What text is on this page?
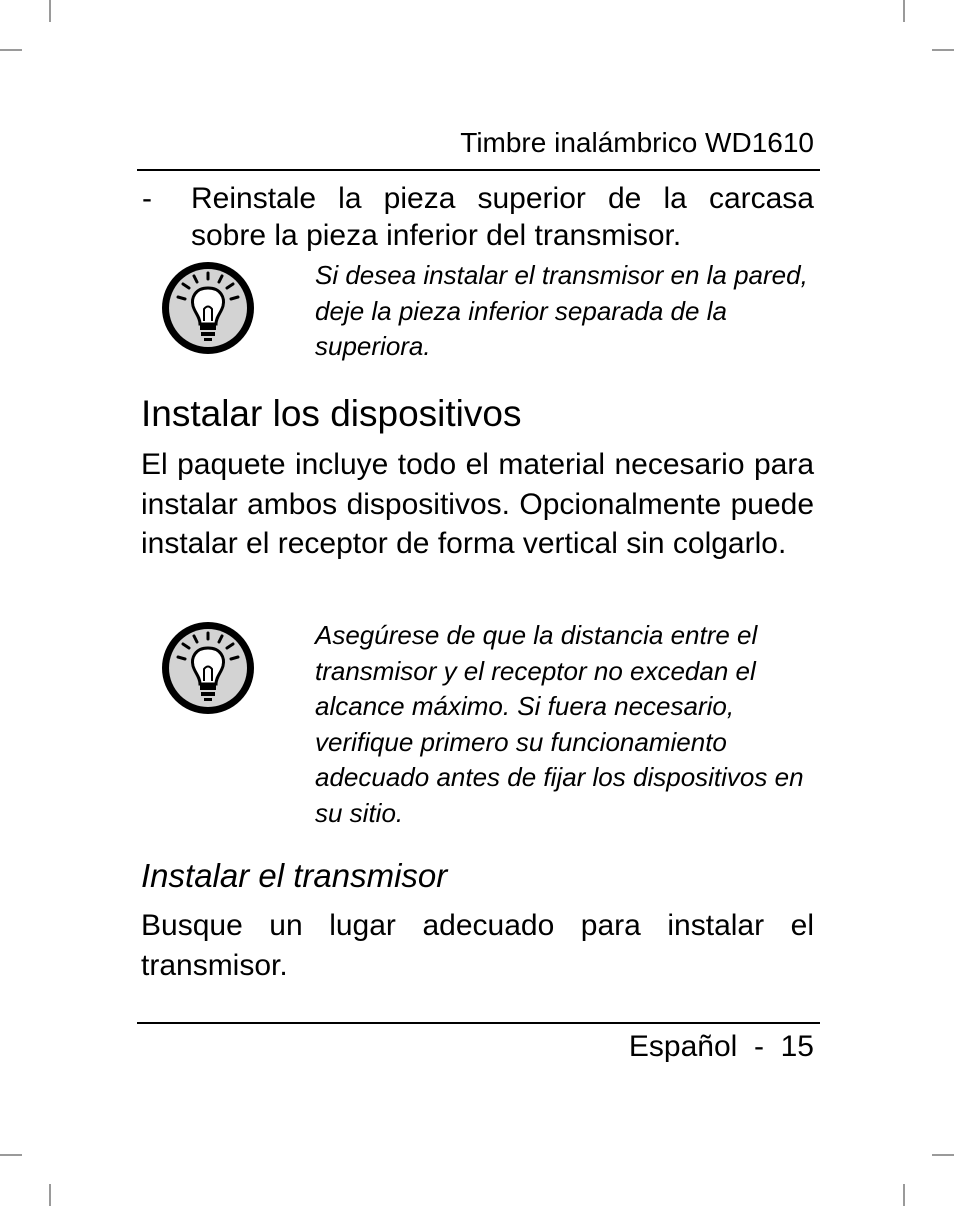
Timbre inalámbrico WD1610
- Reinstale la pieza superior de la carcasa sobre la pieza inferior del transmisor.
Si desea instalar el transmisor en la pared, deje la pieza inferior separada de la superiora.
Instalar los dispositivos
El paquete incluye todo el material necesario para instalar ambos dispositivos. Opcionalmente puede instalar el receptor de forma vertical sin colgarlo.
Asegúrese de que la distancia entre el transmisor y el receptor no excedan el alcance máximo. Si fuera necesario, verifique primero su funcionamiento adecuado antes de fijar los dispositivos en su sitio.
Instalar el transmisor
Busque un lugar adecuado para instalar el transmisor.
Español  -  15
